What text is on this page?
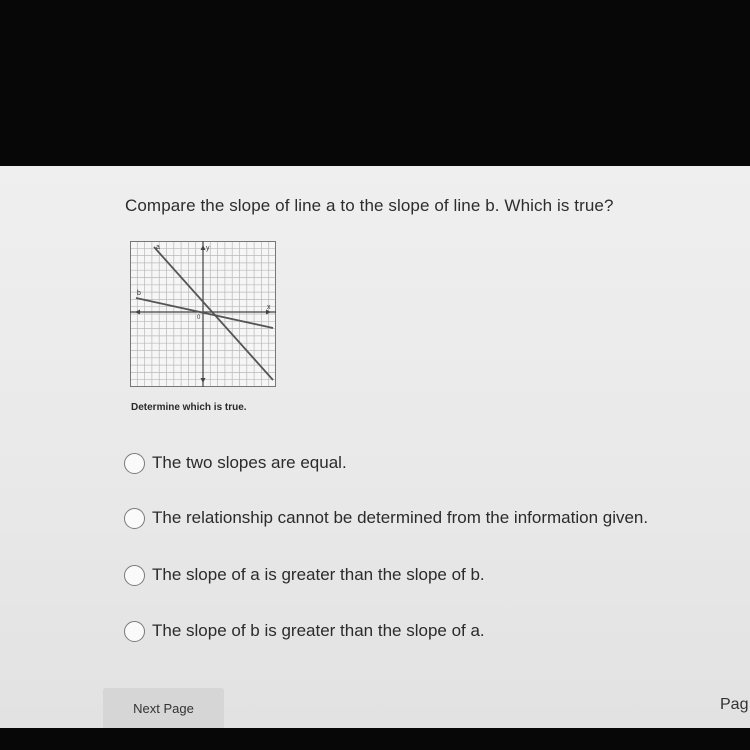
Compare the slope of line a to the slope of line b. Which is true?
a
b
y
x
0
Determine which is true.
The two slopes are equal.
The relationship cannot be determined from the information given.
The slope of a is greater than the slope of b.
The slope of b is greater than the slope of a.
Next Page	Pag
